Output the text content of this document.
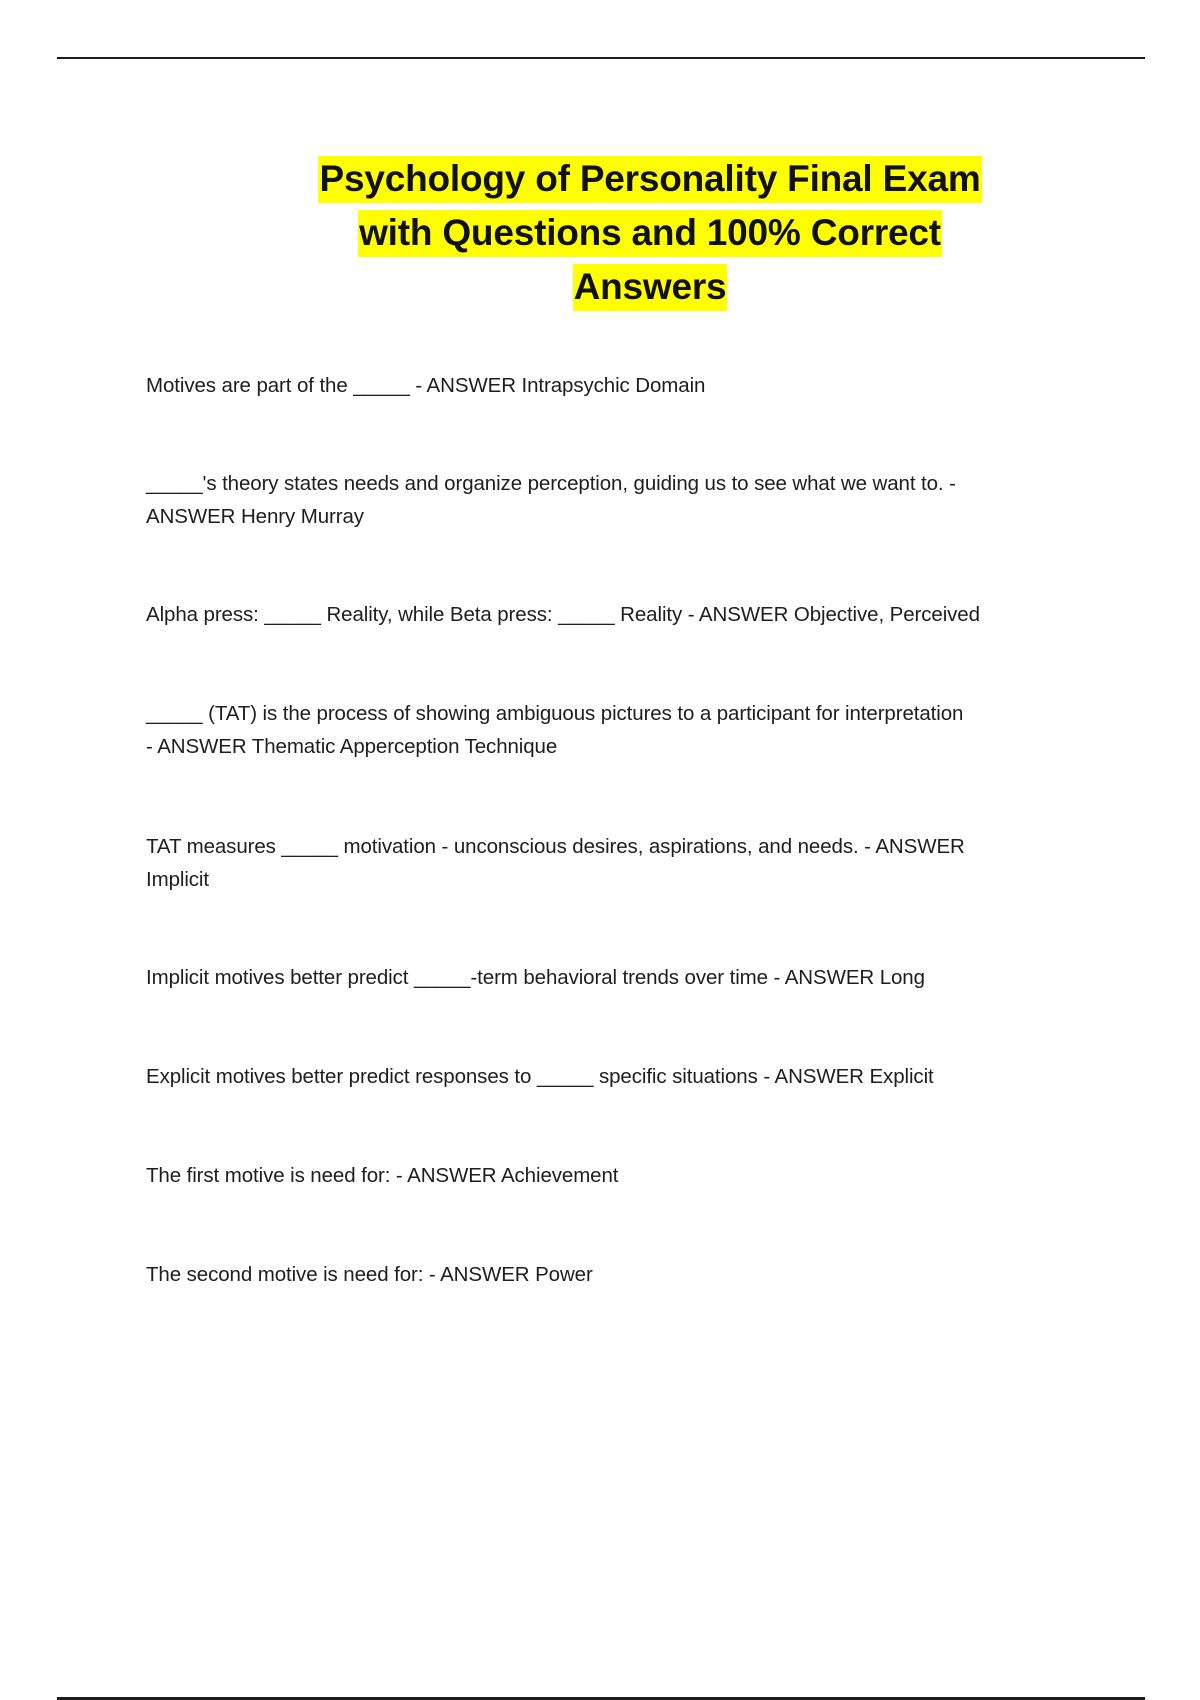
Psychology of Personality Final Exam
with Questions and 100% Correct
Answers
Motives are part of the _____ - ANSWER Intrapsychic Domain
_____'s theory states needs and organize perception, guiding us to see what we want to. -
ANSWER Henry Murray
Alpha press: _____ Reality, while Beta press: _____ Reality - ANSWER Objective, Perceived
_____ (TAT) is the process of showing ambiguous pictures to a participant for interpretation
- ANSWER Thematic Apperception Technique
TAT measures _____ motivation - unconscious desires, aspirations, and needs. - ANSWER
Implicit
Implicit motives better predict _____-term behavioral trends over time - ANSWER Long
Explicit motives better predict responses to _____ specific situations - ANSWER Explicit
The first motive is need for: - ANSWER Achievement
The second motive is need for: - ANSWER Power
